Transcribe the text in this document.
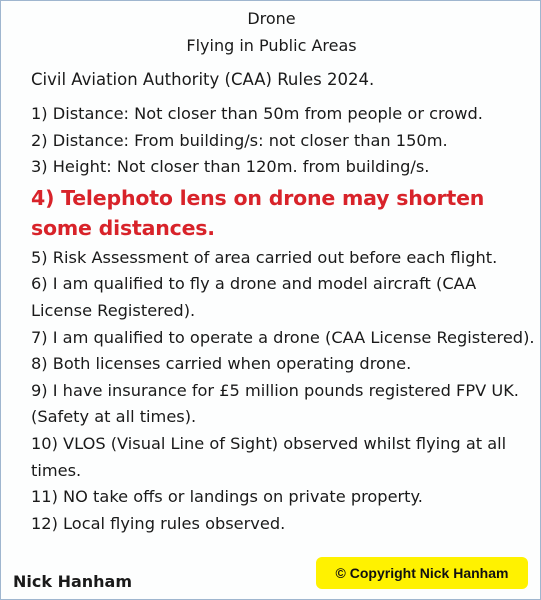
Drone
Flying in Public Areas
Civil Aviation Authority (CAA) Rules 2024.

1) Distance: Not closer than 50m from people or crowd.

2) Distance: From building/s: not closer than 150m.

3) Height: Not closer than 120m. from building/s.

4) Telephoto lens on drone may shorten some distances.

5) Risk Assessment of area carried out before each flight.

6) I am qualified to fly a drone and model aircraft (CAA License Registered).

7) I am qualified to operate a drone (CAA License Registered).

8) Both licenses carried when operating drone.

9) I have insurance for £5 million pounds registered FPV UK. (Safety at all times).

10) VLOS (Visual Line of Sight) observed whilst flying at all times.

11) NO take offs or landings on private property.

12) Local flying rules observed.

Nick Hanham	© Copyright Nick Hanham
